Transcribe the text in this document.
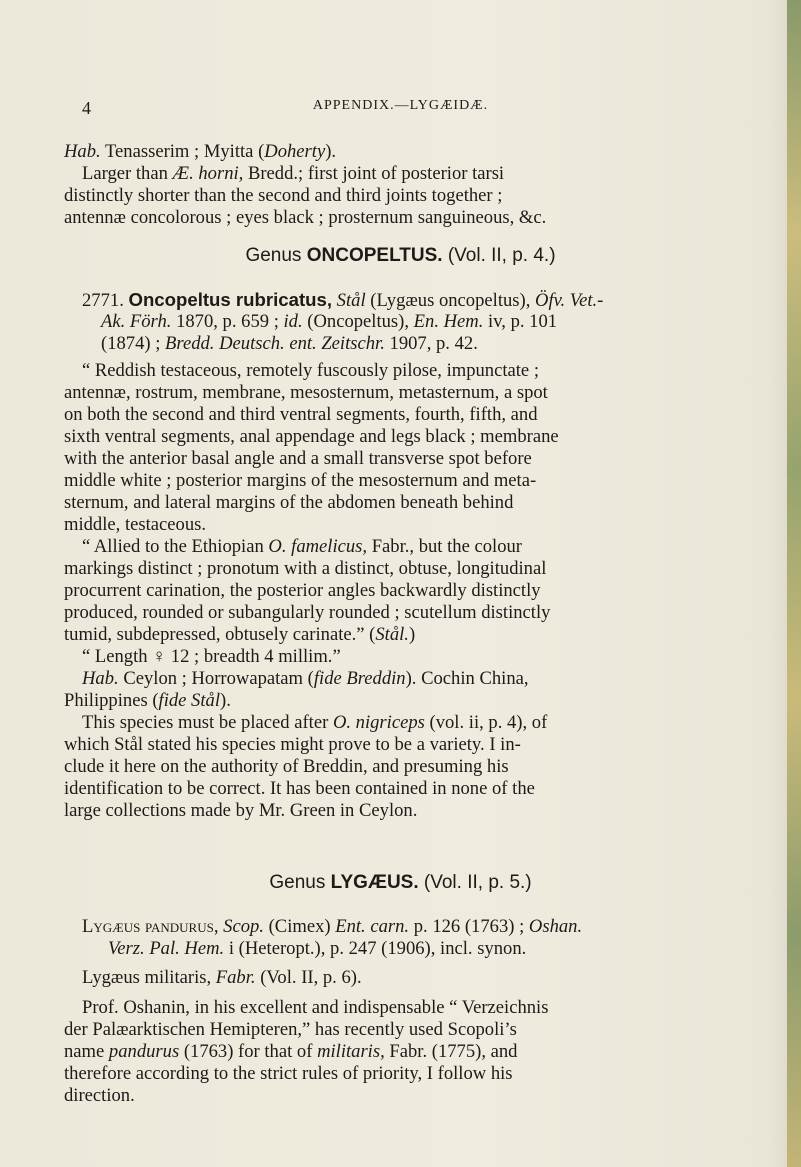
4	APPENDIX.—LYGÆIDÆ.

Hab. Tenasserim ; Myitta (Doherty).

Larger than Æ. horni, Bredd.; first joint of posterior tarsi

distinctly shorter than the second and third joints together ;

antennæ concolorous ; eyes black ; prosternum sanguineous, &c.

Genus ONCOPELTUS. (Vol. II, p. 4.)

2771. Oncopeltus rubricatus, Stål (Lygæus oncopeltus), Öfv. Vet.-

Ak. Förh. 1870, p. 659 ; id. (Oncopeltus), En. Hem. iv, p. 101

(1874) ; Bredd. Deutsch. ent. Zeitschr. 1907, p. 42.

“ Reddish testaceous, remotely fuscously pilose, impunctate ;

antennæ, rostrum, membrane, mesosternum, metasternum, a spot

on both the second and third ventral segments, fourth, fifth, and

sixth ventral segments, anal appendage and legs black ; membrane

with the anterior basal angle and a small transverse spot before

middle white ; posterior margins of the mesosternum and meta-

sternum, and lateral margins of the abdomen beneath behind

middle, testaceous.

“ Allied to the Ethiopian O. famelicus, Fabr., but the colour

markings distinct ; pronotum with a distinct, obtuse, longitudinal

procurrent carination, the posterior angles backwardly distinctly

produced, rounded or subangularly rounded ; scutellum distinctly

tumid, subdepressed, obtusely carinate.” (Stål.)

“ Length ♀ 12 ; breadth 4 millim.”

Hab. Ceylon ; Horrowapatam (fide Breddin). Cochin China,

Philippines (fide Stål).

This species must be placed after O. nigriceps (vol. ii, p. 4), of

which Stål stated his species might prove to be a variety. I in-

clude it here on the authority of Breddin, and presuming his

identification to be correct. It has been contained in none of the

large collections made by Mr. Green in Ceylon.

Genus LYGÆUS. (Vol. II, p. 5.)

Lygæus pandurus, Scop. (Cimex) Ent. carn. p. 126 (1763) ; Oshan.

Verz. Pal. Hem. i (Heteropt.), p. 247 (1906), incl. synon.

Lygæus militaris, Fabr. (Vol. II, p. 6).

Prof. Oshanin, in his excellent and indispensable “ Verzeichnis

der Palæarktischen Hemipteren,” has recently used Scopoli’s

name pandurus (1763) for that of militaris, Fabr. (1775), and

therefore according to the strict rules of priority, I follow his

direction.
